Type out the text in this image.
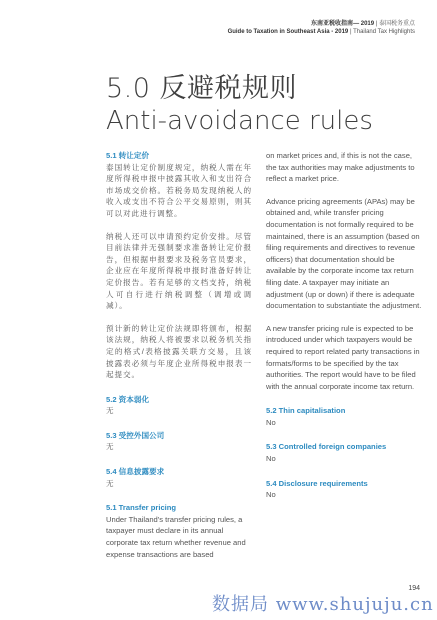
东南亚税收指南— 2019 | 泰国税务重点
Guide to Taxation in Southeast Asia - 2019 | Thailand Tax Highlights
5.0 反避税规则
Anti-avoidance rules
5.1 转让定价

泰国转让定价制度规定，纳税人需在年度所得税申报中披露其收入和支出符合市场成交价格。若税务局发现纳税人的收入或支出不符合公平交易原则，则其可以对此进行调整。

纳税人还可以申请预约定价安排。尽管目前法律并无强制要求准备转让定价报告，但根据申报要求及税务官员要求，企业应在年度所得税申报时准备好转让定价报告。若有足够的文档支持，纳税人可自行进行纳税调整（调增或调减）。

预计新的转让定价法规即将颁布，根据该法规，纳税人将被要求以税务机关指定的格式/表格披露关联方交易，且该披露表必须与年度企业所得税申报表一起提交。

5.2 资本弱化
无
5.3 受控外国公司
无
5.4 信息披露要求
无
5.1 Transfer pricing

Under Thailand's transfer pricing rules, a taxpayer must declare in its annual corporate tax return whether revenue and expense transactions are based

on market prices and, if this is not the case, the tax authorities may make adjustments to reflect a market price.

Advance pricing agreements (APAs) may be obtained and, while transfer pricing documentation is not formally required to be maintained, there is an assumption (based on filing requirements and directives to revenue officers) that documentation should be available by the corporate income tax return filing date. A taxpayer may initiate an adjustment (up or down) if there is adequate documentation to substantiate the adjustment.

A new transfer pricing rule is expected to be introduced under which taxpayers would be required to report related party transactions in formats/forms to be specified by the tax authorities. The report would have to be filed with the annual corporate income tax return.

5.2 Thin capitalisation
No
5.3 Controlled foreign companies
No
5.4 Disclosure requirements
No
数据局 www.shujuju.cn
194
